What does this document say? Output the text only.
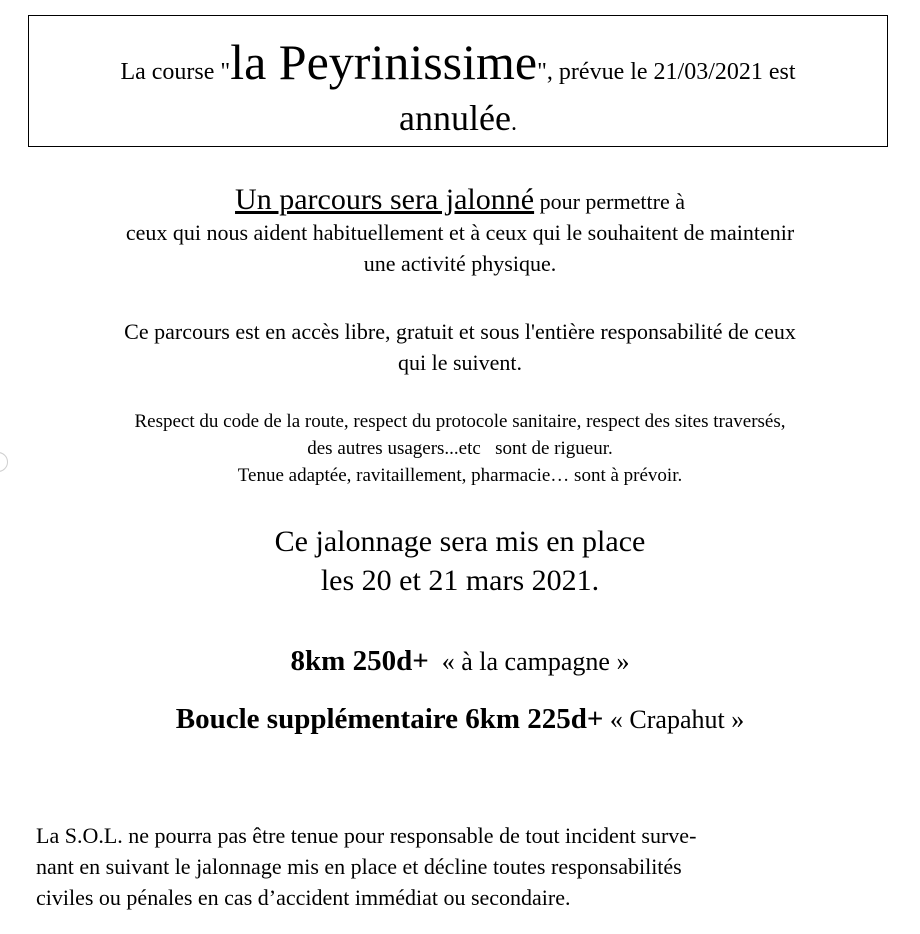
La course "la Peyrinissime", prévue le 21/03/2021 est
annulée.
Un parcours sera jalonné pour permettre à
ceux qui nous aident habituellement et à ceux qui le souhaitent de maintenir
une activité physique.
Ce parcours est en accès libre, gratuit et sous l'entière responsabilité de ceux
qui le suivent.
Respect du code de la route, respect du protocole sanitaire, respect des sites traversés,
des autres usagers...etc   sont de rigueur.
Tenue adaptée, ravitaillement, pharmacie… sont à prévoir.
Ce jalonnage sera mis en place
les 20 et 21 mars 2021.
8km 250d+  « à la campagne »
Boucle supplémentaire 6km 225d+ « Crapahut »
La S.O.L. ne pourra pas être tenue pour responsable de tout incident surve-
nant en suivant le jalonnage mis en place et décline toutes responsabilités
civiles ou pénales en cas d’accident immédiat ou secondaire.
